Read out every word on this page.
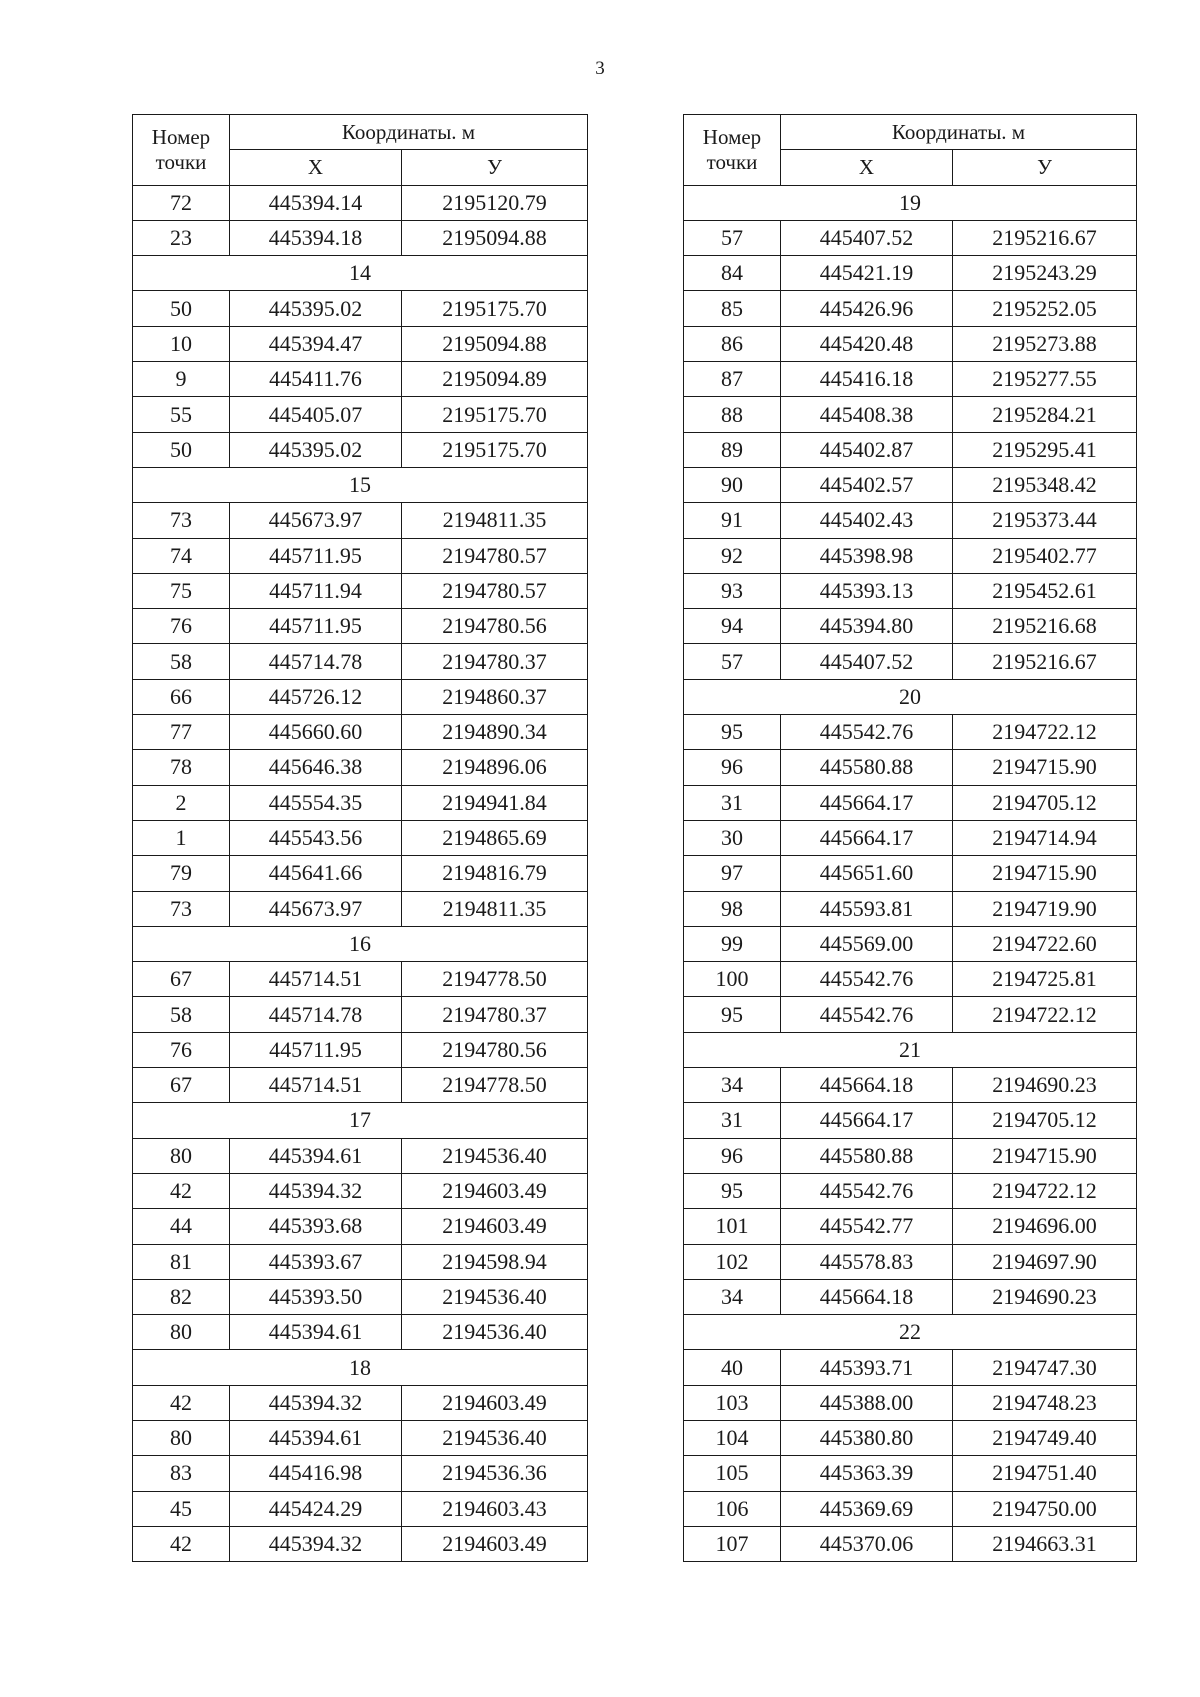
3
Номер точки	Координаты. м	
	X	У
72	445394.14	2195120.79
23	445394.18	2195094.88
14		
50	445395.02	2195175.70
10	445394.47	2195094.88
9	445411.76	2195094.89
55	445405.07	2195175.70
50	445395.02	2195175.70
15		
73	445673.97	2194811.35
74	445711.95	2194780.57
75	445711.94	2194780.57
76	445711.95	2194780.56
58	445714.78	2194780.37
66	445726.12	2194860.37
77	445660.60	2194890.34
78	445646.38	2194896.06
2	445554.35	2194941.84
1	445543.56	2194865.69
79	445641.66	2194816.79
73	445673.97	2194811.35
16		
67	445714.51	2194778.50
58	445714.78	2194780.37
76	445711.95	2194780.56
67	445714.51	2194778.50
17		
80	445394.61	2194536.40
42	445394.32	2194603.49
44	445393.68	2194603.49
81	445393.67	2194598.94
82	445393.50	2194536.40
80	445394.61	2194536.40
18		
42	445394.32	2194603.49
80	445394.61	2194536.40
83	445416.98	2194536.36
45	445424.29	2194603.43
42	445394.32	2194603.49
Номер точки	Координаты. м	
	X	У
19		
57	445407.52	2195216.67
84	445421.19	2195243.29
85	445426.96	2195252.05
86	445420.48	2195273.88
87	445416.18	2195277.55
88	445408.38	2195284.21
89	445402.87	2195295.41
90	445402.57	2195348.42
91	445402.43	2195373.44
92	445398.98	2195402.77
93	445393.13	2195452.61
94	445394.80	2195216.68
57	445407.52	2195216.67
20		
95	445542.76	2194722.12
96	445580.88	2194715.90
31	445664.17	2194705.12
30	445664.17	2194714.94
97	445651.60	2194715.90
98	445593.81	2194719.90
99	445569.00	2194722.60
100	445542.76	2194725.81
95	445542.76	2194722.12
21		
34	445664.18	2194690.23
31	445664.17	2194705.12
96	445580.88	2194715.90
95	445542.76	2194722.12
101	445542.77	2194696.00
102	445578.83	2194697.90
34	445664.18	2194690.23
22		
40	445393.71	2194747.30
103	445388.00	2194748.23
104	445380.80	2194749.40
105	445363.39	2194751.40
106	445369.69	2194750.00
107	445370.06	2194663.31
